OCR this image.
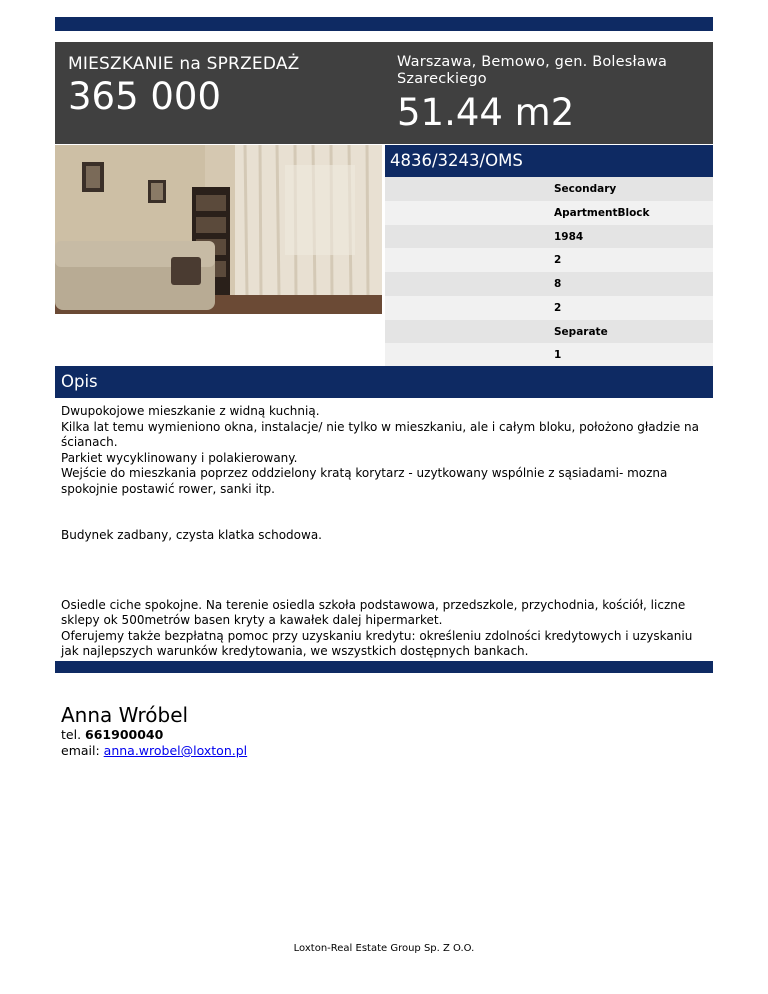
MIESZKANIE na SPRZEDAŻ
365 000
Warszawa, Bemowo, gen. Bolesława Szareckiego
51.44 m2
4836/3243/OMS
Secondary
ApartmentBlock
1984
2
8
2
Separate
1
Opis

Dwupokojowe mieszkanie z widną kuchnią.
Kilka lat temu wymieniono okna, instalacje/ nie tylko w mieszkaniu, ale i całym bloku, położono gładzie na ścianach.
Parkiet wycyklinowany i polakierowany.
Wejście do mieszkania poprzez oddzielony kratą korytarz - uzytkowany wspólnie z sąsiadami- mozna spokojnie postawić rower, sanki itp.

Budynek zadbany, czysta klatka schodowa.

Osiedle ciche spokojne. Na terenie osiedla szkoła podstawowa, przedszkole, przychodnia, kościół, liczne sklepy ok 500metrów basen kryty a kawałek dalej hipermarket.
Oferujemy także bezpłatną pomoc przy uzyskaniu kredytu: określeniu zdolności kredytowych i uzyskaniu jak najlepszych warunków kredytowania, we wszystkich dostępnych bankach.

Anna Wróbel
tel. 661900040
email: anna.wrobel@loxton.pl
Loxton-Real Estate Group Sp. Z O.O.
